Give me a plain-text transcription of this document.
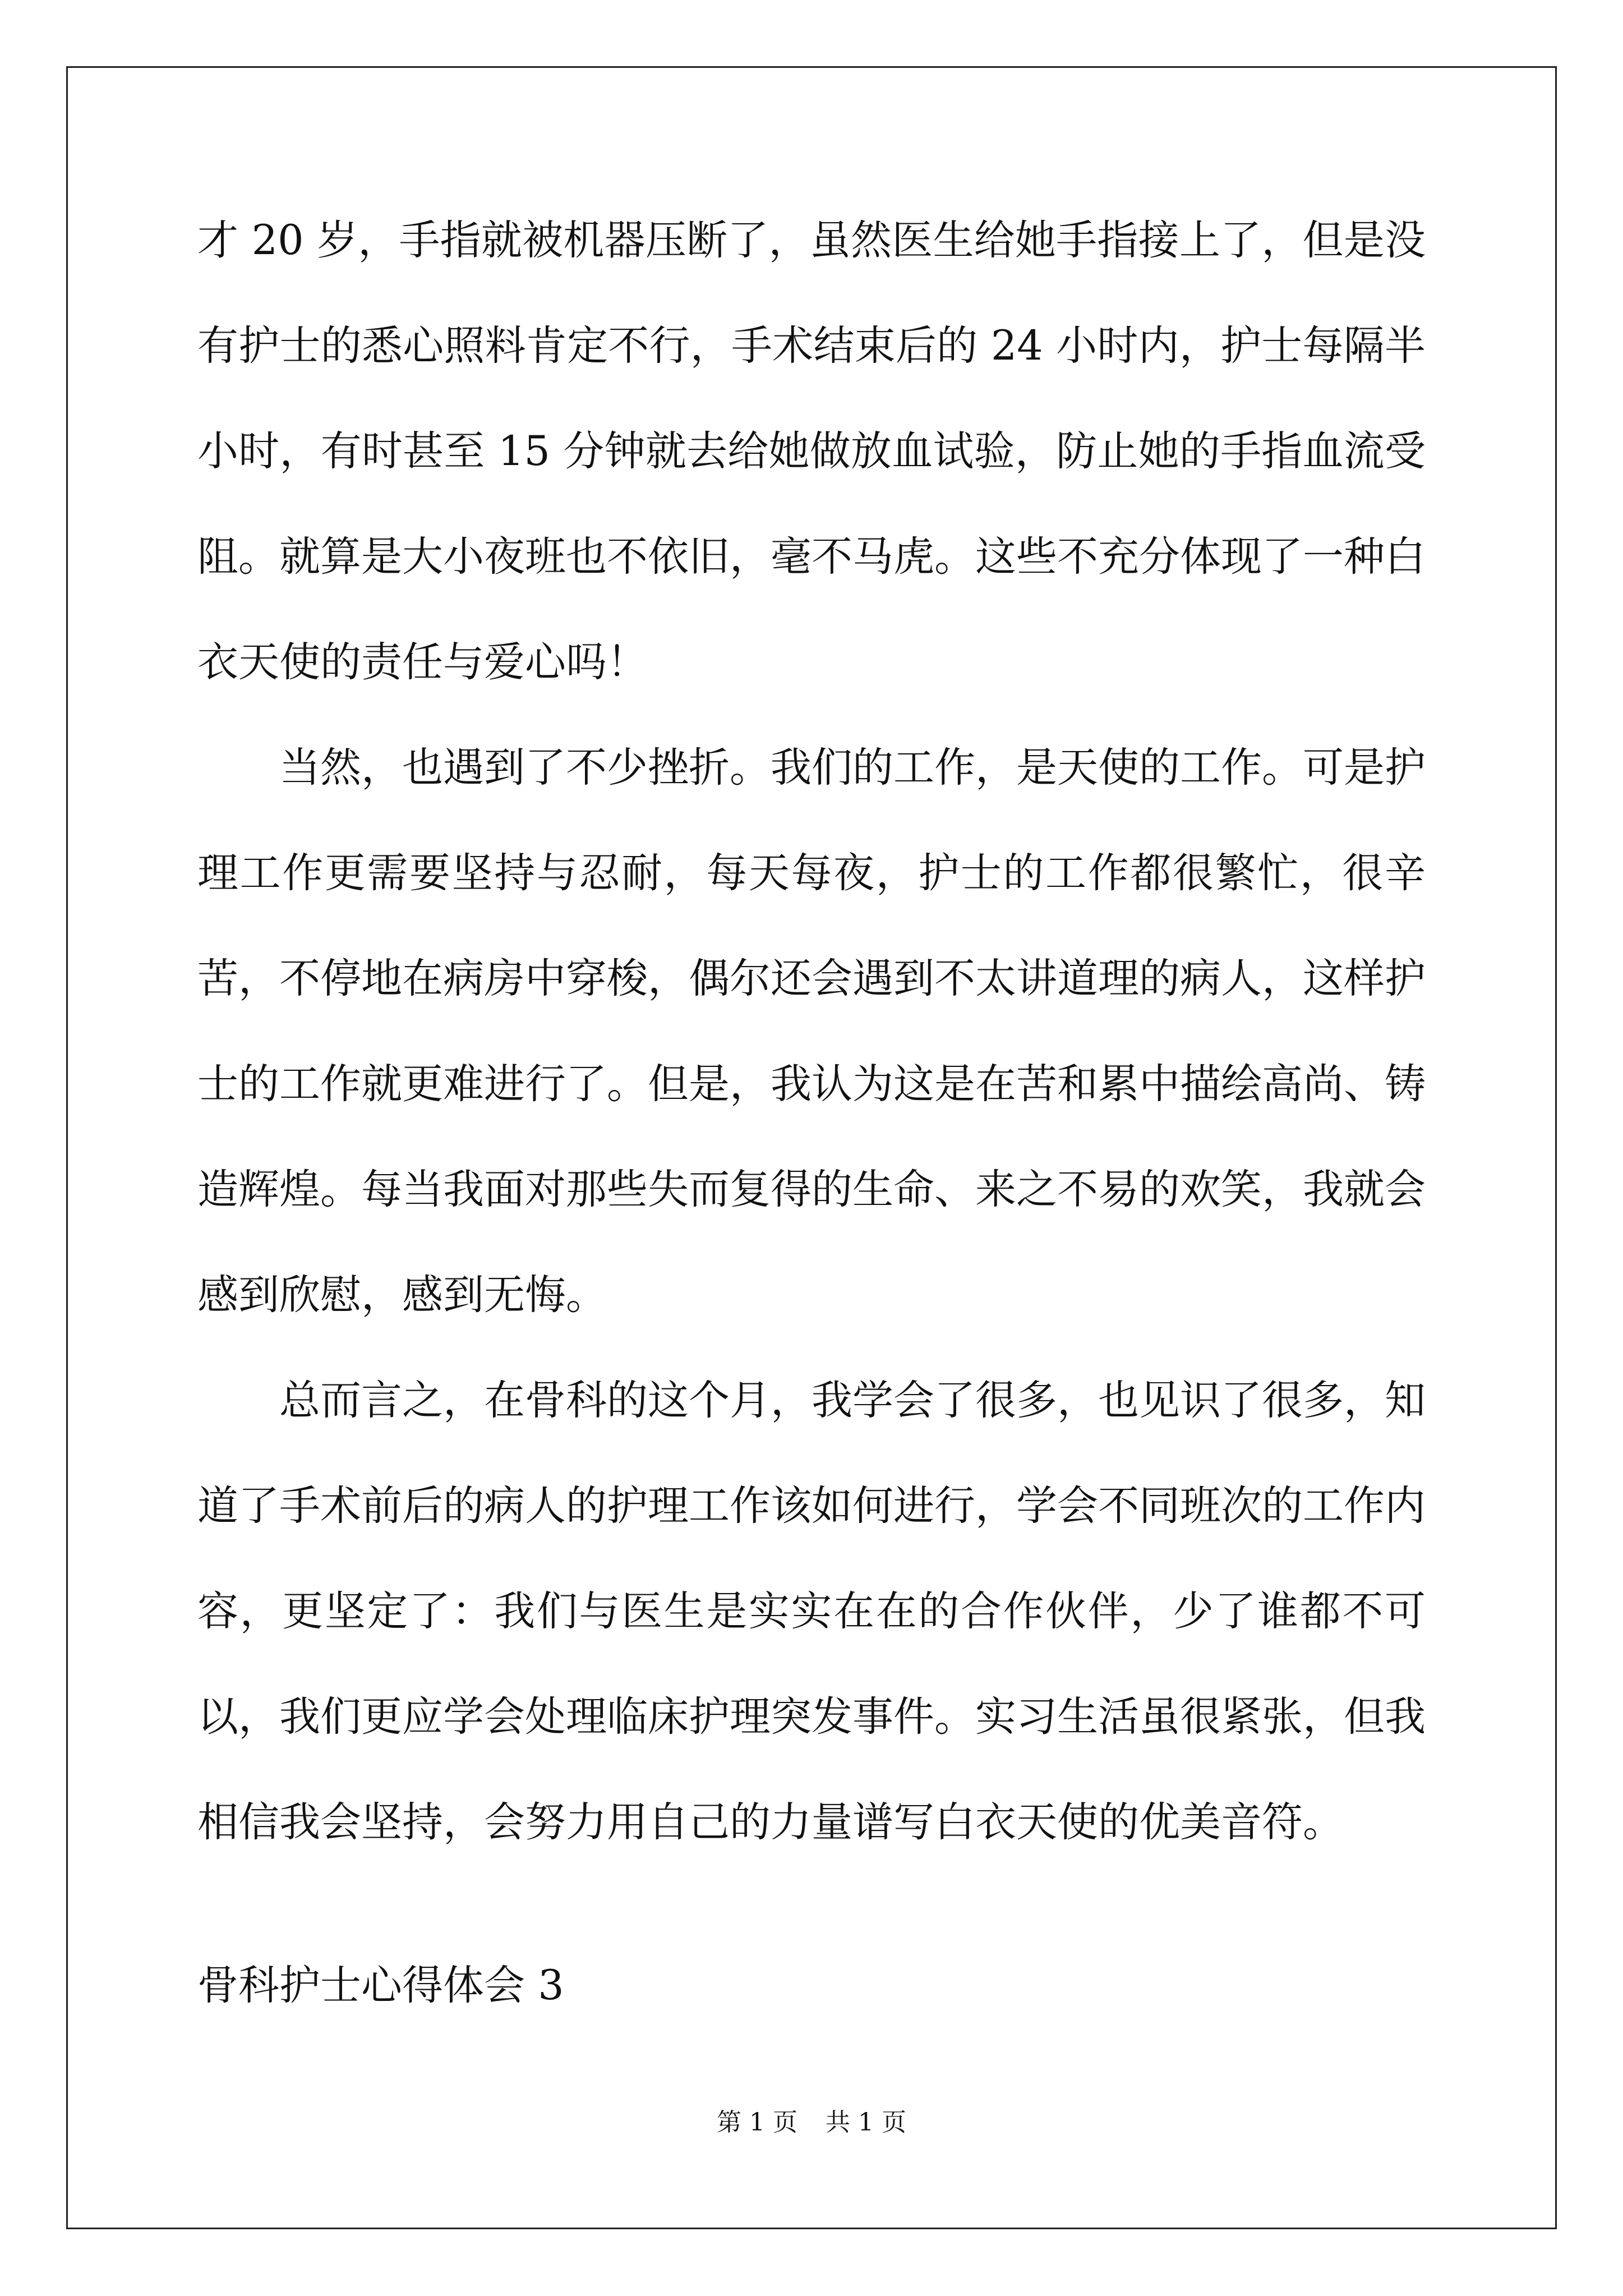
才 20 岁，手指就被机器压断了，虽然医生给她手指接上了，但是没有护士的悉心照料肯定不行，手术结束后的 24 小时内，护士每隔半小时，有时甚至 15 分钟就去给她做放血试验，防止她的手指血流受阻。就算是大小夜班也不依旧，毫不马虎。这些不充分体现了一种白衣天使的责任与爱心吗！

当然，也遇到了不少挫折。我们的工作，是天使的工作。可是护理工作更需要坚持与忍耐，每天每夜，护士的工作都很繁忙，很辛苦，不停地在病房中穿梭，偶尔还会遇到不太讲道理的病人，这样护士的工作就更难进行了。但是，我认为这是在苦和累中描绘高尚、铸造辉煌。每当我面对那些失而复得的生命、来之不易的欢笑，我就会感到欣慰，感到无悔。

总而言之，在骨科的这个月，我学会了很多，也见识了很多，知道了手术前后的病人的护理工作该如何进行，学会不同班次的工作内容，更坚定了：我们与医生是实实在在的合作伙伴，少了谁都不可以，我们更应学会处理临床护理突发事件。实习生活虽很紧张，但我相信我会坚持，会努力用自己的力量谱写白衣天使的优美音符。

骨科护士心得体会 3
第 1 页 共 1 页
